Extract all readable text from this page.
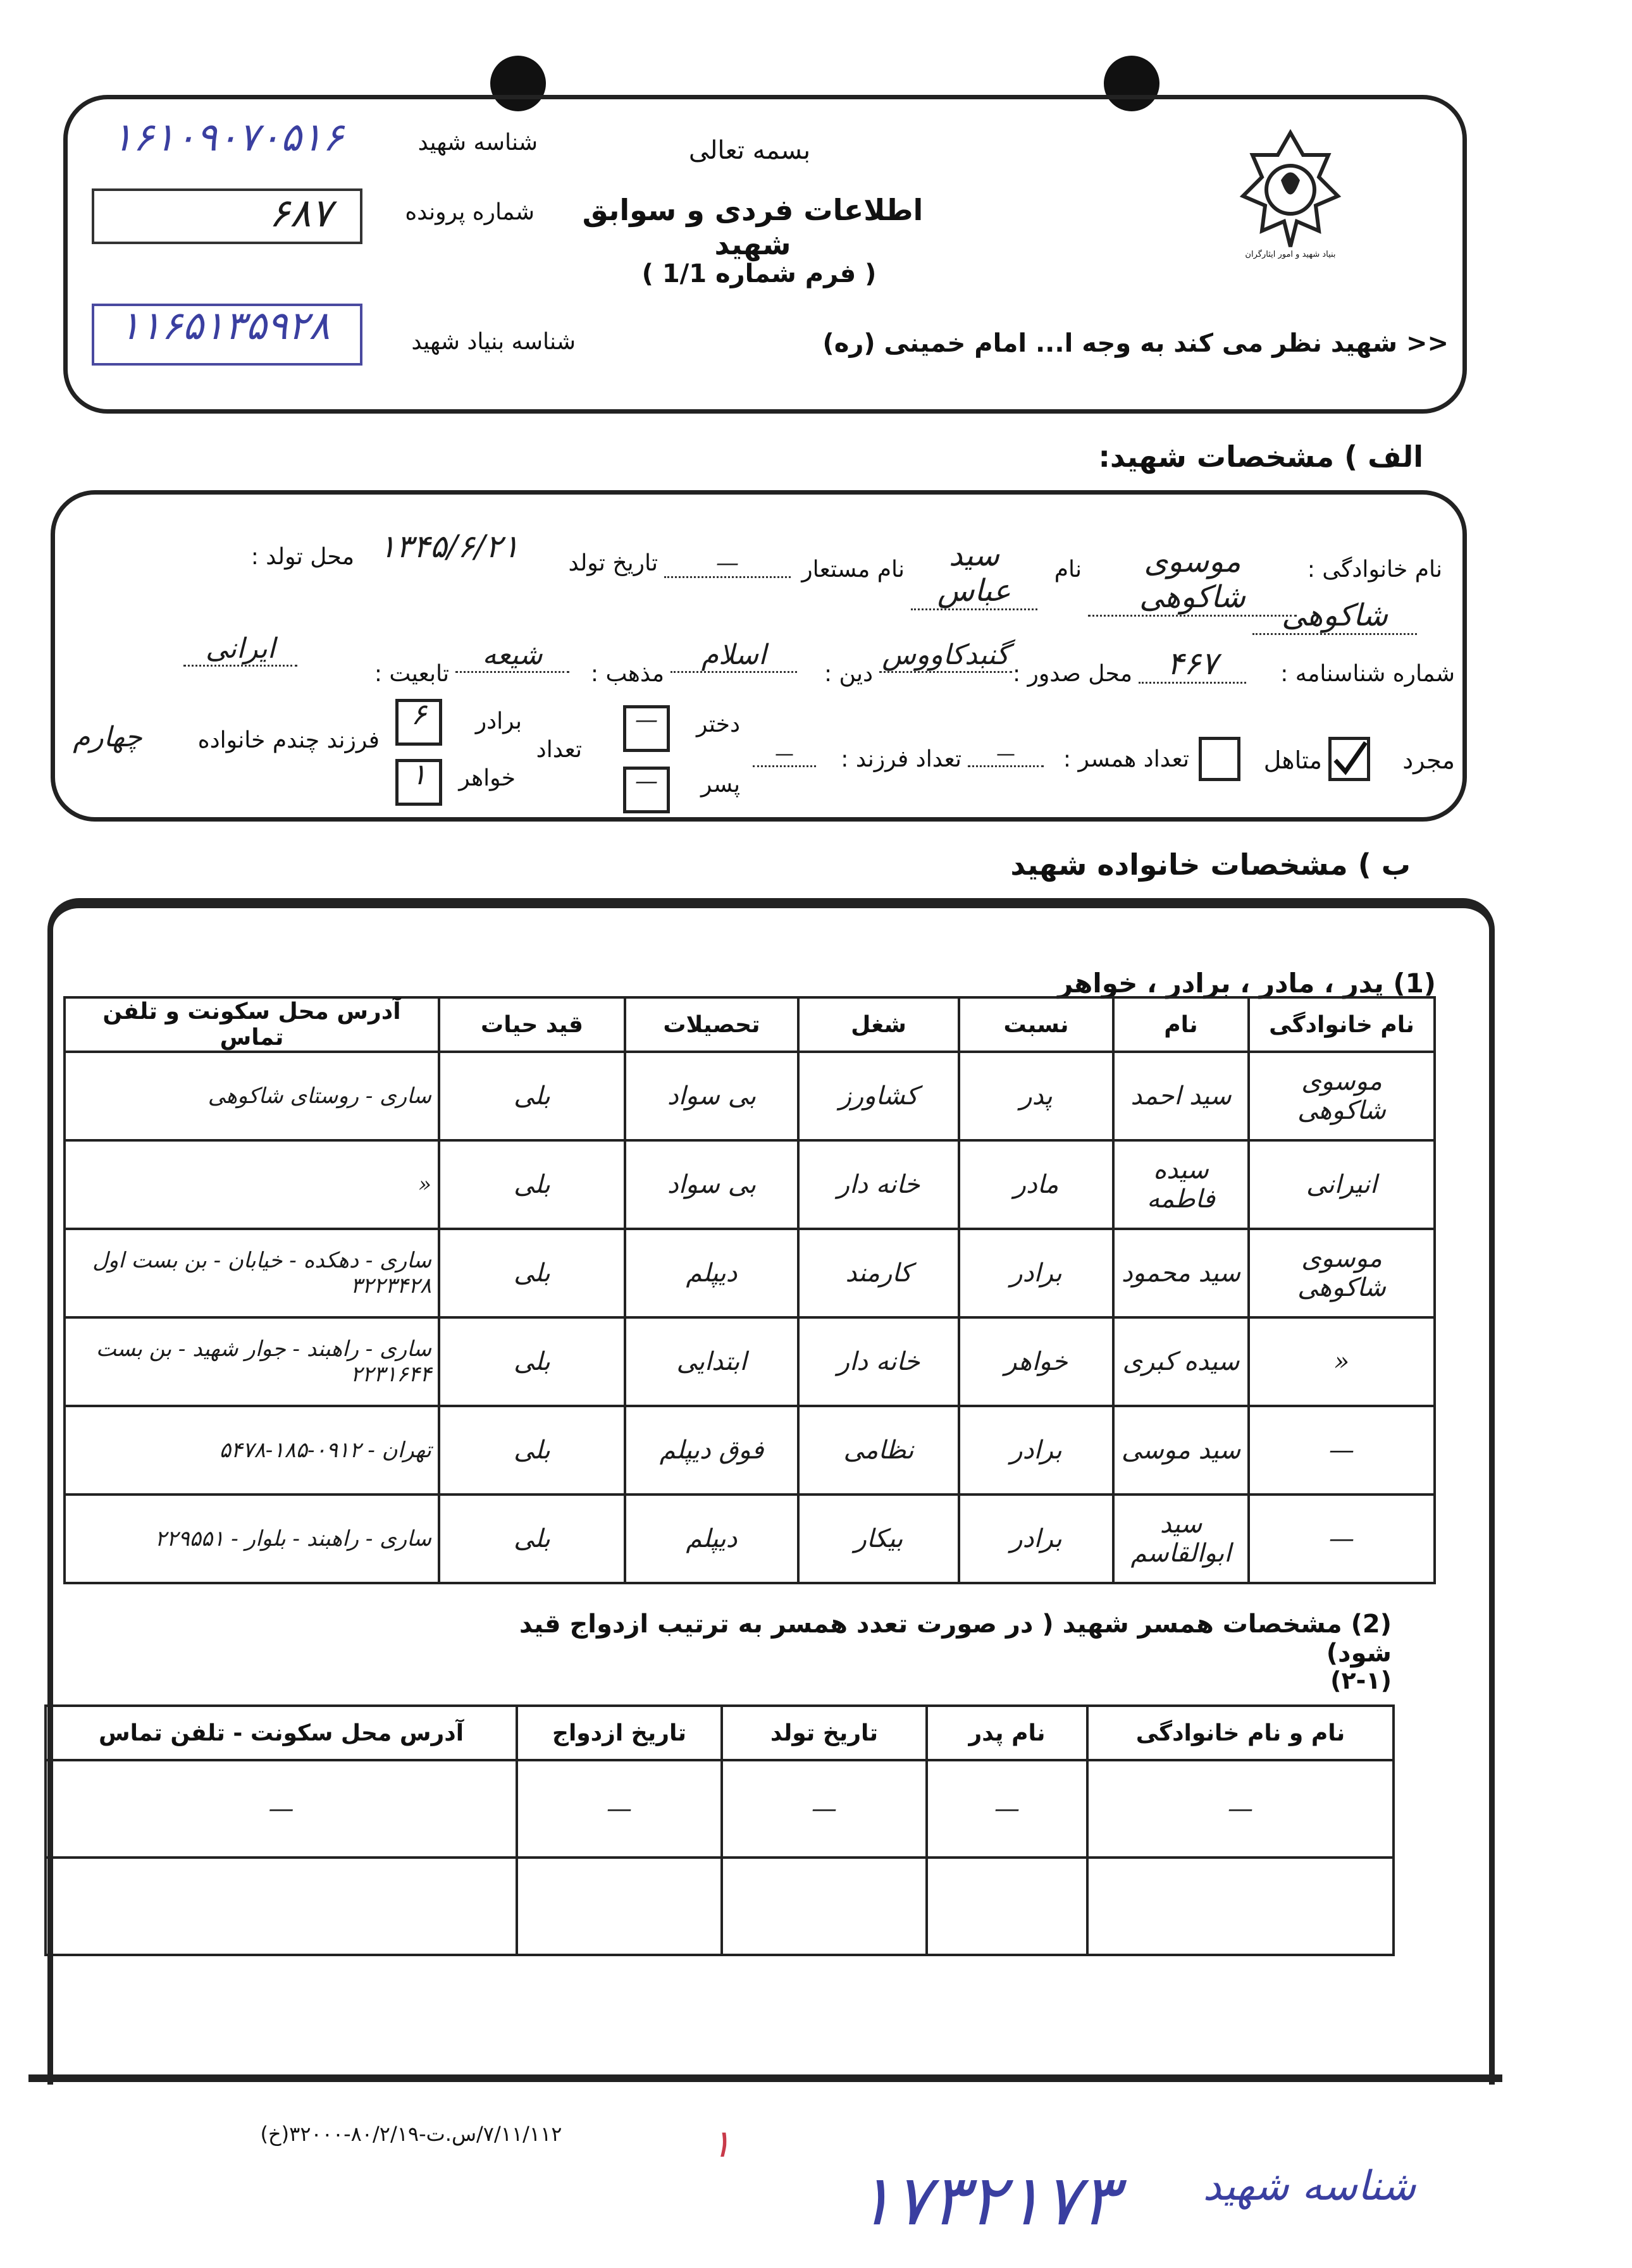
بنیاد شهید و امور ایثارگران
بسمه تعالی
اطلاعات فردی و سوابق شهید
( فرم شماره 1/1 )
<< شهید نظر می کند به وجه ا... امام خمینی (ره)
شناسه شهید
۱۶۱۰۹۰۷۰۵۱۶
شماره پرونده
۶۸۷
شناسه بنیاد شهید
۱۱۶۵۱۳۵۹۲۸
الف ) مشخصات شهید:
نام خانوادگی :
موسوی شاکوهی
نام
سید عباس
نام مستعار
—
تاریخ تولد
۱۳۴۵/۶/۲۱
محل تولد :
شاکوهی
شماره شناسنامه :
۴۶۷
محل صدور :
گنبدکاووس
دین :
اسلام
مذهب :
شیعه
تابعیت :
ایرانی
مجرد
متاهل
تعداد همسر :
—
تعداد فرزند :
—
دختر
—
پسر
—
تعداد
برادر
۶
خواهر
۱
فرزند چندم خانواده
چهارم
ب ) مشخصات خانواده شهید
(1) پدر ، مادر ، برادر ، خواهر
نام خانوادگی	نام	نسبت	شغل	تحصیلات	قید حیات	آدرس محل سکونت و تلفن تماس
موسوی شاکوهی	سید احمد	پدر	کشاورز	بی سواد	بلی	ساری - روستای شاکوهی
انیرانی	سیده فاطمه	مادر	خانه دار	بی سواد	بلی	«
موسوی شاکوهی	سید محمود	برادر	کارمند	دیپلم	بلی	ساری - دهکده - خیابان - بن بست اول ۳۲۲۳۴۲۸
«	سیده کبری	خواهر	خانه دار	ابتدایی	بلی	ساری - راهبند - جوار شهید - بن بست ۲۲۳۱۶۴۴
—	سید موسی	برادر	نظامی	فوق دیپلم	بلی	تهران - ۰۹۱۲-۱۸۵-۵۴۷۸
—	سید ابوالقاسم	برادر	بیکار	دیپلم	بلی	ساری - راهبند - بلوار - ۲۲۹۵۵۱
(2) مشخصات همسر شهید ( در صورت تعدد همسر به ترتیب ازدواج قید شود)
(۲-۱)
نام و نام خانوادگی	نام پدر	تاریخ تولد	تاریخ ازدواج	آدرس محل سکونت - تلفن تماس
—	—	—	—	—

۷/۱۱/۱۱۲/س.ت-۸۰/۲/۱۹-۳۲۰۰۰(خ)	۱
۱۷۳۲۱۷۳	شناسه شهید
